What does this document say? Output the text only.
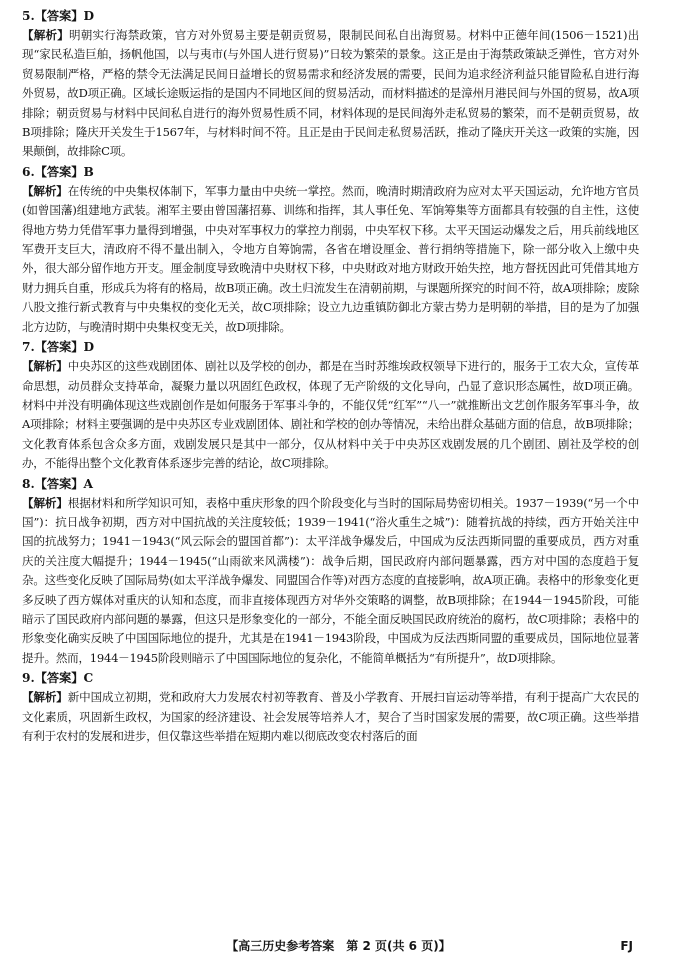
5.【答案】D
【解析】明朝实行海禁政策，官方对外贸易主要是朝贡贸易，限制民间私自出海贸易。材料中正德年间(1506－1521)出现“家民私造巨舶，扬帆他国，以与夷市(与外国人进行贸易)”日较为繁荣的景象。这正是由于海禁政策缺乏弹性，官方对外贸易限制严格，严格的禁令无法满足民间日益增长的贸易需求和经济发展的需要，民间为追求经济利益只能冒险私自进行海外贸易，故D项正确。区域长途贩运指的是国内不同地区间的贸易活动，而材料描述的是漳州月港民间与外国的贸易，故A项排除；朝贡贸易与材料中民间私自进行的海外贸易性质不同，材料体现的是民间海外走私贸易的繁荣，而不是朝贡贸易，故B项排除；隆庆开关发生于1567年，与材料时间不符。且正是由于民间走私贸易活跃，推动了隆庆开关这一政策的实施，因果颠倒，故排除C项。
6.【答案】B
【解析】在传统的中央集权体制下，军事力量由中央统一掌控。然而，晚清时期清政府为应对太平天国运动，允许地方官员(如曾国藩)组建地方武装。湘军主要由曾国藩招募、训练和指挥，其人事任免、军饷筹集等方面都具有较强的自主性，这使得地方势力凭借军事力量得到增强，中央对军事权力的掌控力削弱，中央军权下移。太平天国运动爆发之后，用兵前线地区军费开支巨大，清政府不得不量出制入，令地方自筹饷需，各省在增设厘金、普行捐纳等措施下，除一部分收入上缴中央外，很大部分留作地方开支。厘金制度导致晚清中央财权下移，中央财政对地方财政开始失控，地方督抚因此可凭借其地方财力拥兵自重，形成兵为将有的格局，故B项正确。改土归流发生在清朝前期，与课题所探究的时间不符，故A项排除；废除八股文推行新式教育与中央集权的变化无关，故C项排除；设立九边重镇防御北方蒙古势力是明朝的举措，目的是为了加强北方边防，与晚清时期中央集权变无关，故D项排除。
7.【答案】D
【解析】中央苏区的这些戏剧团体、剧社以及学校的创办，都是在当时苏维埃政权领导下进行的，服务于工农大众，宣传革命思想，动员群众支持革命，凝聚力量以巩固红色政权，体现了无产阶级的文化导向，凸显了意识形态属性，故D项正确。材料中并没有明确体现这些戏剧创作是如何服务于军事斗争的，不能仅凭“红军”“八一”就推断出文艺创作服务军事斗争，故A项排除；材料主要强调的是中央苏区专业戏剧团体、剧社和学校的创办等情况，未给出群众基础方面的信息，故B项排除；文化教育体系包含众多方面，戏剧发展只是其中一部分，仅从材料中关于中央苏区戏剧发展的几个剧团、剧社及学校的创办，不能得出整个文化教育体系逐步完善的结论，故C项排除。
8.【答案】A
【解析】根据材料和所学知识可知，表格中重庆形象的四个阶段变化与当时的国际局势密切相关。1937－1939(“另一个中国”)：抗日战争初期，西方对中国抗战的关注度较低；1939－1941(“浴火重生之城”)：随着抗战的持续，西方开始关注中国的抗战努力；1941－1943(“风云际会的盟国首都”)：太平洋战争爆发后，中国成为反法西斯同盟的重要成员，西方对重庆的关注度大幅提升；1944－1945(“山雨欲来风满楼”)：战争后期，国民政府内部问题暴露，西方对中国的态度趋于复杂。这些变化反映了国际局势(如太平洋战争爆发、同盟国合作等)对西方态度的直接影响，故A项正确。表格中的形象变化更多反映了西方媒体对重庆的认知和态度，而非直接体现西方对华外交策略的调整，故B项排除；在1944－1945阶段，可能暗示了国民政府内部问题的暴露，但这只是形象变化的一部分，不能全面反映国民政府统治的腐朽，故C项排除；表格中的形象变化确实反映了中国国际地位的提升，尤其是在1941－1943阶段，中国成为反法西斯同盟的重要成员，国际地位显著提升。然而，1944－1945阶段则暗示了中国国际地位的复杂化，不能简单概括为“有所提升”，故D项排除。
9.【答案】C
【解析】新中国成立初期，党和政府大力发展农村初等教育、普及小学教育、开展扫盲运动等举措，有利于提高广大农民的文化素质，巩固新生政权，为国家的经济建设、社会发展等培养人才，契合了当时国家发展的需要，故C项正确。这些举措有利于农村的发展和进步，但仅靠这些举措在短期内难以彻底改变农村落后的面
【高三历史参考答案　第 2 页(共 6 页)】	FJ
